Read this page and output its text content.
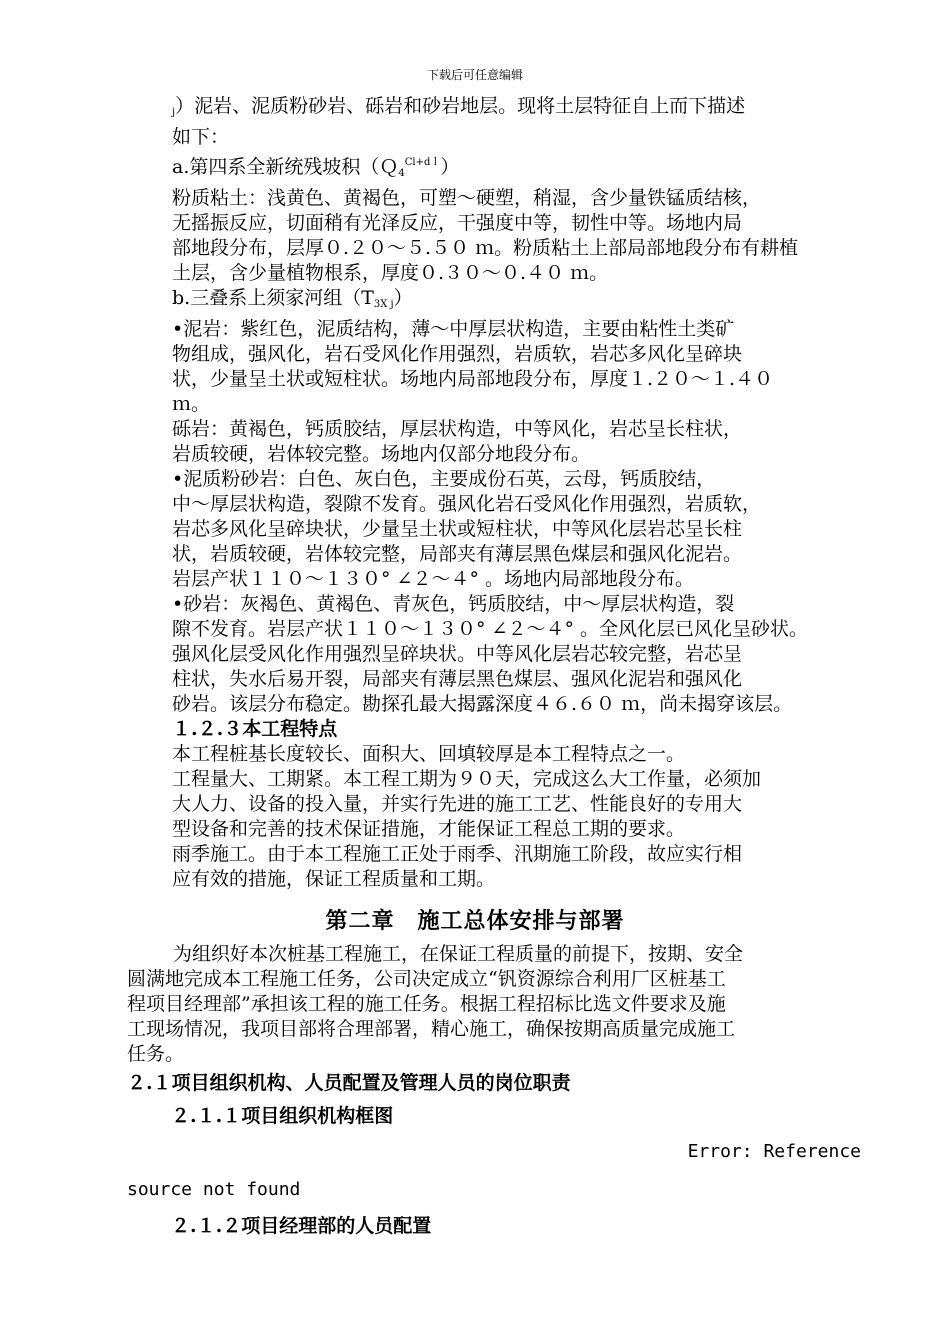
下载后可任意编辑
$_j$）泥岩、泥质粉砂岩、砾岩和砂岩地层。现将土层特征自上而下描述
如下：
a.第四系全新统残坡积（Ｑ$_4^{Cl+dl}$）
粉质粘土：浅黄色、黄褐色，可塑～硬塑，稍湿，含少量铁锰质结核，
无摇振反应，切面稍有光泽反应，干强度中等，韧性中等。场地内局
部地段分布，层厚０.２０～５.５０ ｍ。粉质粘土上部局部地段分布有耕植
土层，含少量植物根系，厚度０.３０～０.４０ ｍ。
b.三叠系上须家河组$(T_{3X j})$
•泥岩：紫红色，泥质结构，薄～中厚层状构造，主要由粘性土类矿
物组成，强风化，岩石受风化作用强烈，岩质软，岩芯多风化呈碎块
状，少量呈土状或短柱状。场地内局部地段分布，厚度１.２０～１.４０
ｍ。
砾岩：黄褐色，钙质胶结，厚层状构造，中等风化，岩芯呈长柱状，
岩质较硬，岩体较完整。场地内仅部分地段分布。
•泥质粉砂岩：白色、灰白色，主要成份石英，云母，钙质胶结，
中～厚层状构造，裂隙不发育。强风化岩石受风化作用强烈，岩质软，
岩芯多风化呈碎块状，少量呈土状或短柱状，中等风化层岩芯呈长柱
状，岩质较硬，岩体较完整，局部夹有薄层黑色煤层和强风化泥岩。
岩层产状１１０～１３０° ∠２～４° 。场地内局部地段分布。
•砂岩：灰褐色、黄褐色、青灰色，钙质胶结，中～厚层状构造，裂
隙不发育。岩层产状１１０～１３０° ∠２～４° 。全风化层已风化呈砂状。
强风化层受风化作用强烈呈碎块状。中等风化层岩芯较完整，岩芯呈
柱状，失水后易开裂，局部夹有薄层黑色煤层、强风化泥岩和强风化
砂岩。该层分布稳定。勘探孔最大揭露深度４６.６０ ｍ，尚未揭穿该层。
１.２.３本工程特点
本工程桩基长度较长、面积大、回填较厚是本工程特点之一。
工程量大、工期紧。本工程工期为９０天，完成这么大工作量，必须加
大人力、设备的投入量，并实行先进的施工工艺、性能良好的专用大
型设备和完善的技术保证措施，才能保证工程总工期的要求。
雨季施工。由于本工程施工正处于雨季、汛期施工阶段，故应实行相
应有效的措施，保证工程质量和工期。
第二章　施工总体安排与部署
为组织好本次桩基工程施工，在保证工程质量的前提下，按期、安全
圆满地完成本工程施工任务，公司决定成立“钒资源综合利用厂区桩基工
程项目经理部”承担该工程的施工任务。根据工程招标比选文件要求及施
工现场情况，我项目部将合理部署，精心施工，确保按期高质量完成施工
任务。
２.１项目组织机构、人员配置及管理人员的岗位职责
２.１.１项目组织机构框图
Error: Reference
source not found
２.１.２项目经理部的人员配置
